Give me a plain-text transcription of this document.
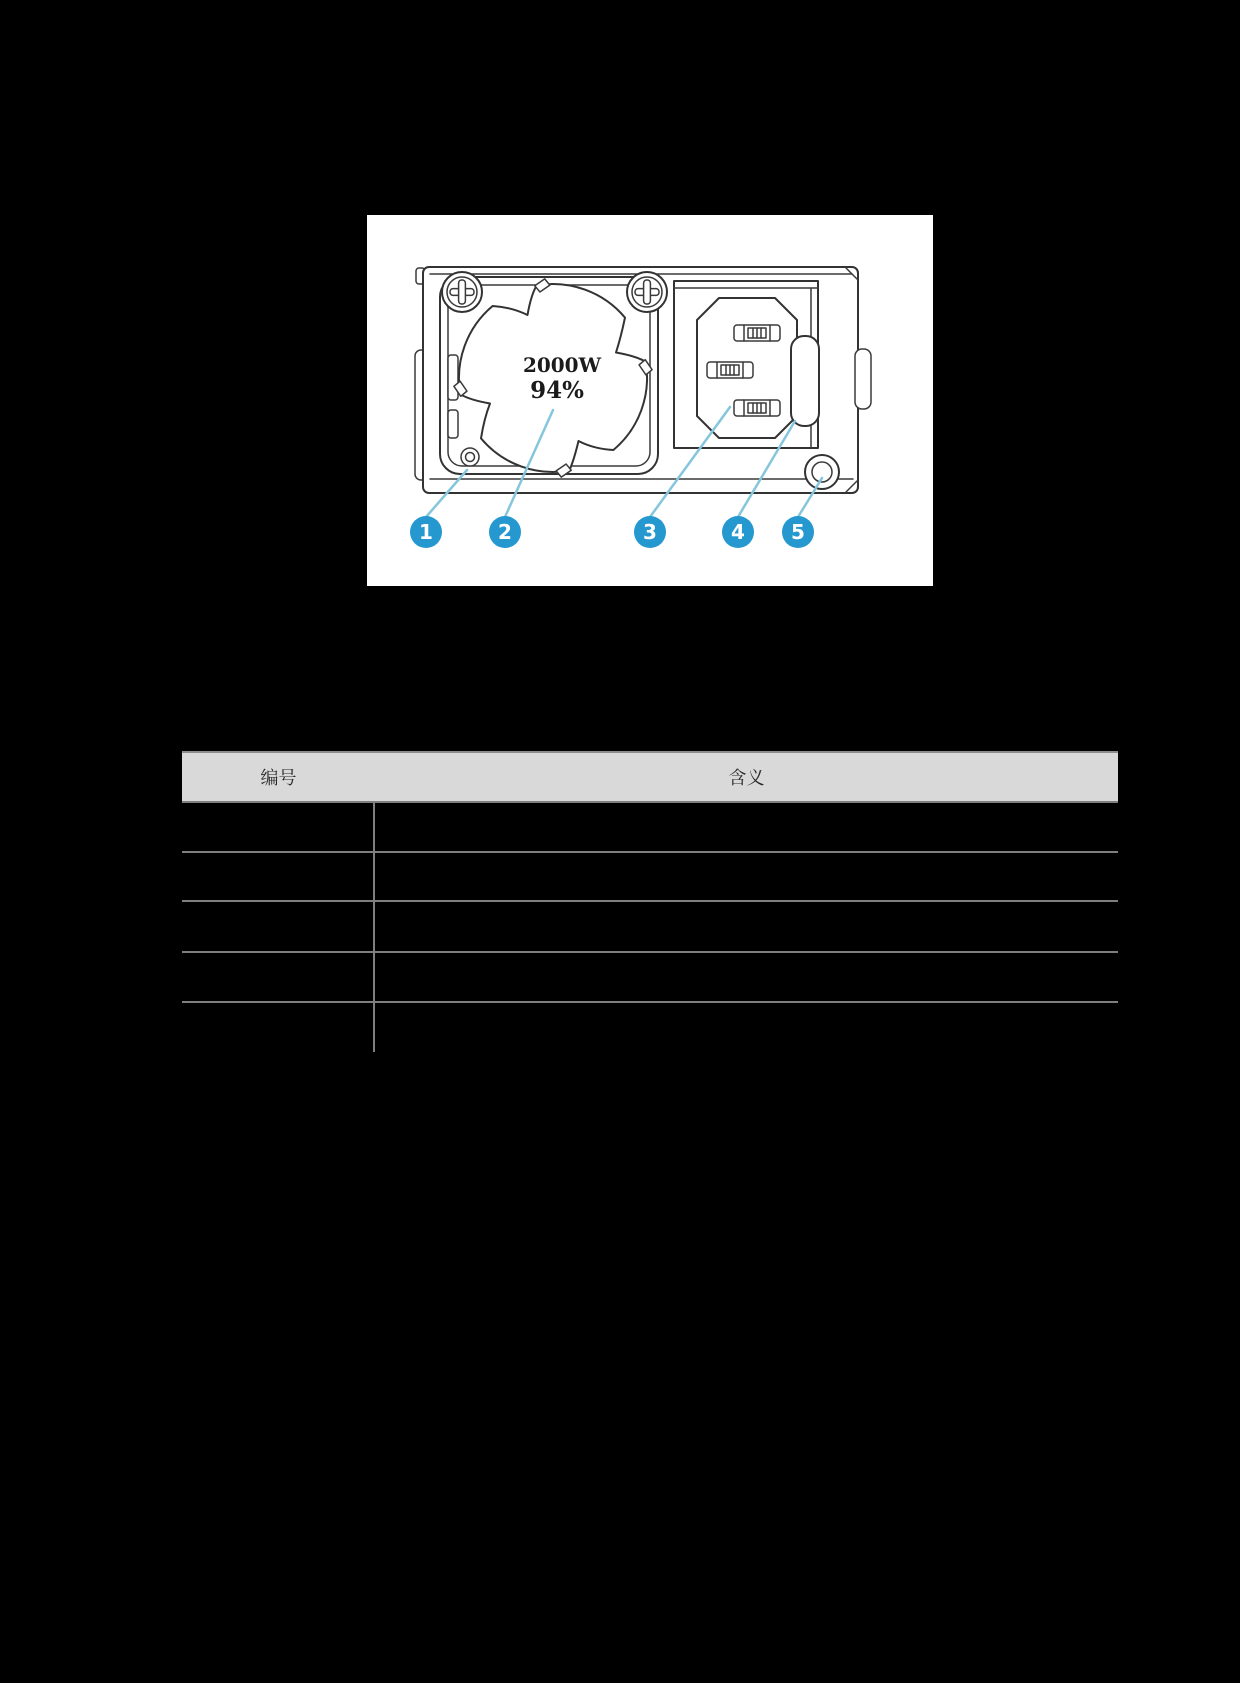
2000W
94%
1	2	3	4 5
编号	含义
